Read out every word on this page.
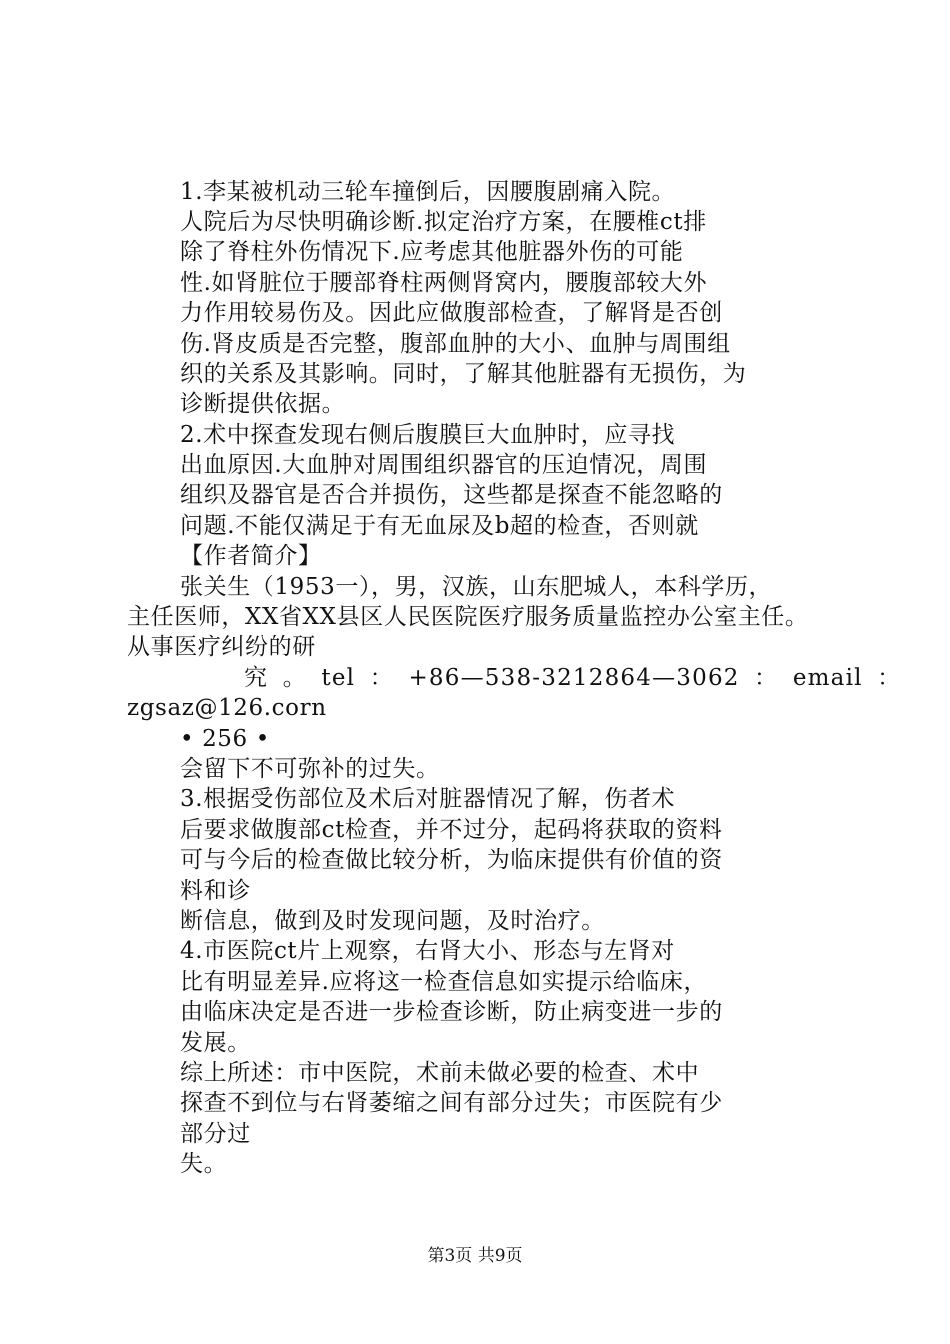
1.李某被机动三轮车撞倒后，因腰腹剧痛入院。
人院后为尽快明确诊断.拟定治疗方案，在腰椎ct排
除了脊柱外伤情况下.应考虑其他脏器外伤的可能
性.如肾脏位于腰部脊柱两侧肾窝内，腰腹部较大外
力作用较易伤及。因此应做腹部检查，了解肾是否创
伤.肾皮质是否完整，腹部血肿的大小、血肿与周围组
织的关系及其影响。同时，了解其他脏器有无损伤，为
诊断提供依据。
2.术中探查发现右侧后腹膜巨大血肿时，应寻找
出血原因.大血肿对周围组织器官的压迫情况，周围
组织及器官是否合并损伤，这些都是探查不能忽略的
问题.不能仅满足于有无血尿及b超的检查，否则就
【作者简介】
张关生（1953一），男，汉族，山东肥城人，本科学历，
主任医师，XX省XX县区人民医院医疗服务质量监控办公室主任。
从事医疗纠纷的研
究 。 tel ： +86—538-3212864—3062 ： email ：
zgsaz@126.corn
• 256 •
会留下不可弥补的过失。
3.根据受伤部位及术后对脏器情况了解，伤者术
后要求做腹部ct检查，并不过分，起码将获取的资料
可与今后的检查做比较分析，为临床提供有价值的资
料和诊
断信息，做到及时发现问题，及时治疗。
4.市医院ct片上观察，右肾大小、形态与左肾对
比有明显差异.应将这一检查信息如实提示给临床，
由临床决定是否进一步检查诊断，防止病变进一步的
发展。
综上所述：市中医院，术前未做必要的检查、术中
探查不到位与右肾萎缩之间有部分过失；市医院有少
部分过
失。
第3页 共9页
